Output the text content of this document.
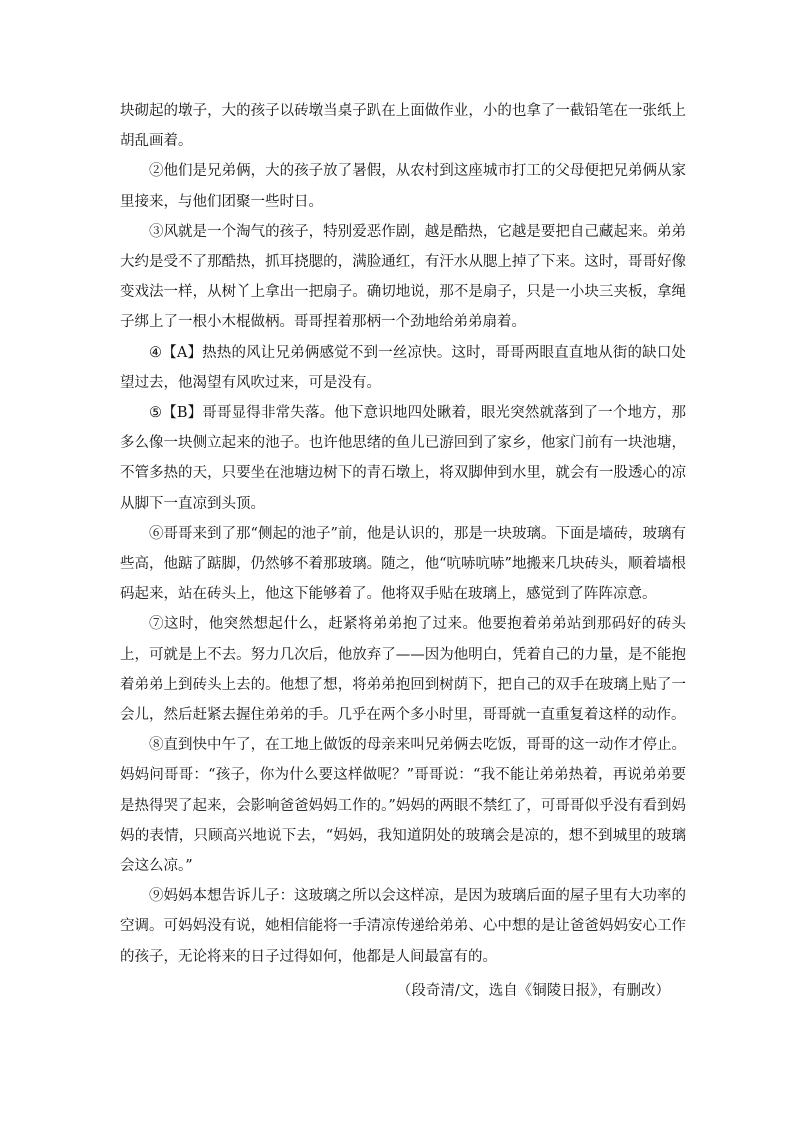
块砌起的墩子，大的孩子以砖墩当桌子趴在上面做作业，小的也拿了一截铅笔在一张纸上胡乱画着。

②他们是兄弟俩，大的孩子放了暑假，从农村到这座城市打工的父母便把兄弟俩从家里接来，与他们团聚一些时日。

③风就是一个淘气的孩子，特别爱恶作剧，越是酷热，它越是要把自己藏起来。弟弟大约是受不了那酷热，抓耳挠腮的，满脸通红，有汗水从腮上掉了下来。这时，哥哥好像变戏法一样，从树丫上拿出一把扇子。确切地说，那不是扇子，只是一小块三夹板，拿绳子绑上了一根小木棍做柄。哥哥捏着那柄一个劲地给弟弟扇着。

④【A】热热的风让兄弟俩感觉不到一丝凉快。这时，哥哥两眼直直地从街的缺口处望过去，他渴望有风吹过来，可是没有。

⑤【B】哥哥显得非常失落。他下意识地四处瞅着，眼光突然就落到了一个地方，那多么像一块侧立起来的池子。也许他思绪的鱼儿已游回到了家乡，他家门前有一块池塘，不管多热的天，只要坐在池塘边树下的青石墩上，将双脚伸到水里，就会有一股透心的凉从脚下一直凉到头顶。

⑥哥哥来到了那“侧起的池子”前，他是认识的，那是一块玻璃。下面是墙砖，玻璃有些高，他踮了踮脚，仍然够不着那玻璃。随之，他“吭哧吭哧”地搬来几块砖头，顺着墙根码起来，站在砖头上，他这下能够着了。他将双手贴在玻璃上，感觉到了阵阵凉意。

⑦这时，他突然想起什么，赶紧将弟弟抱了过来。他要抱着弟弟站到那码好的砖头上，可就是上不去。努力几次后，他放弃了——因为他明白，凭着自己的力量，是不能抱着弟弟上到砖头上去的。他想了想，将弟弟抱回到树荫下，把自己的双手在玻璃上贴了一会儿，然后赶紧去握住弟弟的手。几乎在两个多小时里，哥哥就一直重复着这样的动作。

⑧直到快中午了，在工地上做饭的母亲来叫兄弟俩去吃饭，哥哥的这一动作才停止。妈妈问哥哥：“孩子，你为什么要这样做呢？”哥哥说：“我不能让弟弟热着，再说弟弟要是热得哭了起来，会影响爸爸妈妈工作的。”妈妈的两眼不禁红了，可哥哥似乎没有看到妈妈的表情，只顾高兴地说下去，“妈妈，我知道阴处的玻璃会是凉的，想不到城里的玻璃会这么凉。”

⑨妈妈本想告诉儿子：这玻璃之所以会这样凉，是因为玻璃后面的屋子里有大功率的空调。可妈妈没有说，她相信能将一手清凉传递给弟弟、心中想的是让爸爸妈妈安心工作的孩子，无论将来的日子过得如何，他都是人间最富有的。

（段奇清/文，选自《铜陵日报》，有删改）
